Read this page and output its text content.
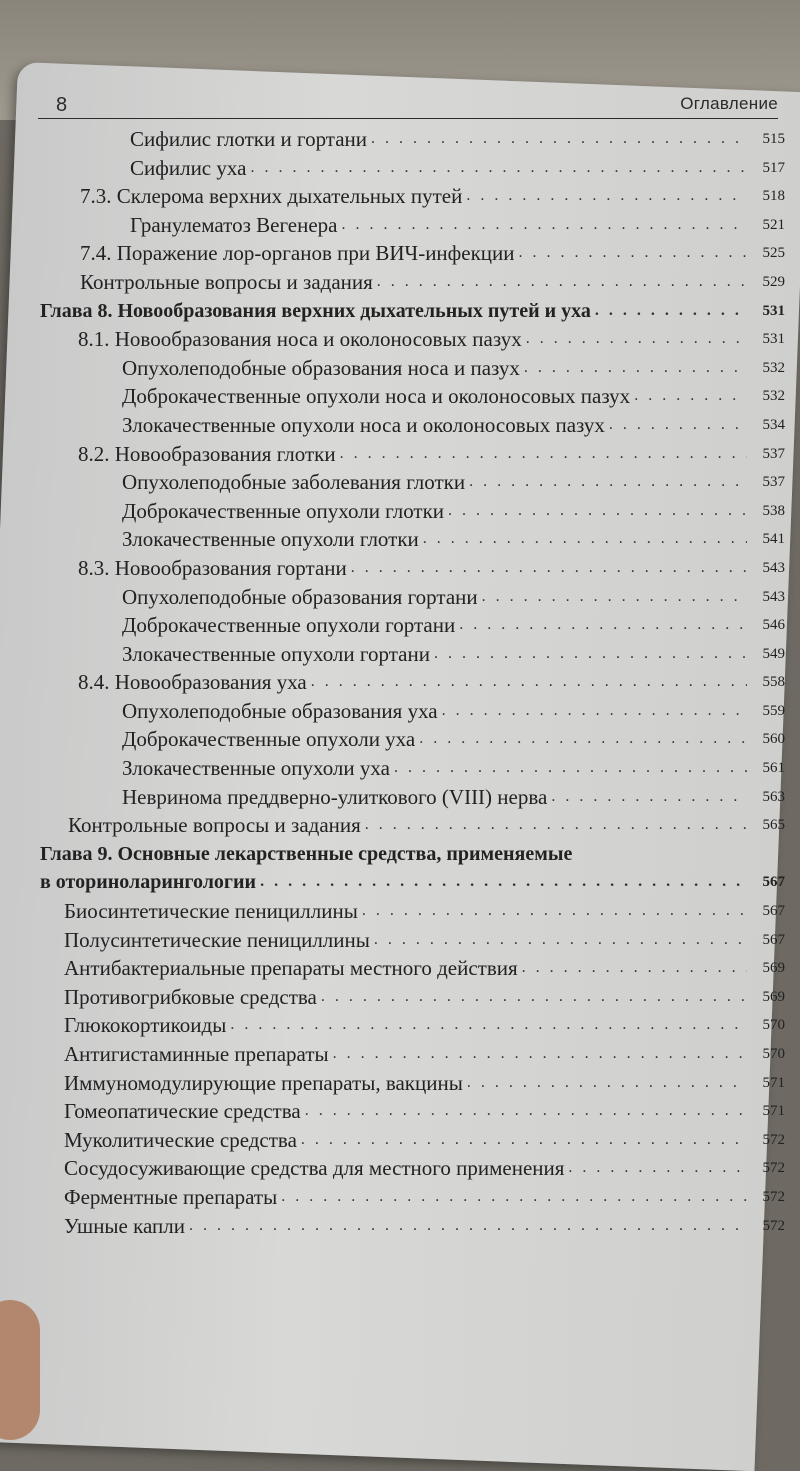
8	Оглавление
Сифилис глотки и гортани . . .	515
Сифилис уха . . .	517
7.3. Склерома верхних дыхательных путей . . .	518
Гранулематоз Вегенера . . .	521
7.4. Поражение лор-органов при ВИЧ-инфекции . . .	525
Контрольные вопросы и задания . . .	529
Глава 8. Новообразования верхних дыхательных путей и уха . . .	531
8.1. Новообразования носа и околоносовых пазух . . .	531
Опухолеподобные образования носа и пазух . . .	532
Доброкачественные опухоли носа и околоносовых пазух . . .	532
Злокачественные опухоли носа и околоносовых пазух . . .	534
8.2. Новообразования глотки . . .	537
Опухолеподобные заболевания глотки . . .	537
Доброкачественные опухоли глотки . . .	538
Злокачественные опухоли глотки . . .	541
8.3. Новообразования гортани . . .	543
Опухолеподобные образования гортани . . .	543
Доброкачественные опухоли гортани . . .	546
Злокачественные опухоли гортани . . .	549
8.4. Новообразования уха . . .	558
Опухолеподобные образования уха . . .	559
Доброкачественные опухоли уха . . .	560
Злокачественные опухоли уха . . .	561
Невринома преддверно-улиткового (VIII) нерва . . .	563
Контрольные вопросы и задания . . .	565
Глава 9. Основные лекарственные средства, применяемые
в оториноларингологии . . .	567
Биосинтетические пенициллины . . .	567
Полусинтетические пенициллины . . .	567
Антибактериальные препараты местного действия . . .	569
Противогрибковые средства . . .	569
Глюкокортикоиды . . .	570
Антигистаминные препараты . . .	570
Иммуномодулирующие препараты, вакцины . . .	571
Гомеопатические средства . . .	571
Муколитические средства . . .	572
Сосудосуживающие средства для местного применения . . .	572
Ферментные препараты . . .	572
Ушные капли . . .	572
